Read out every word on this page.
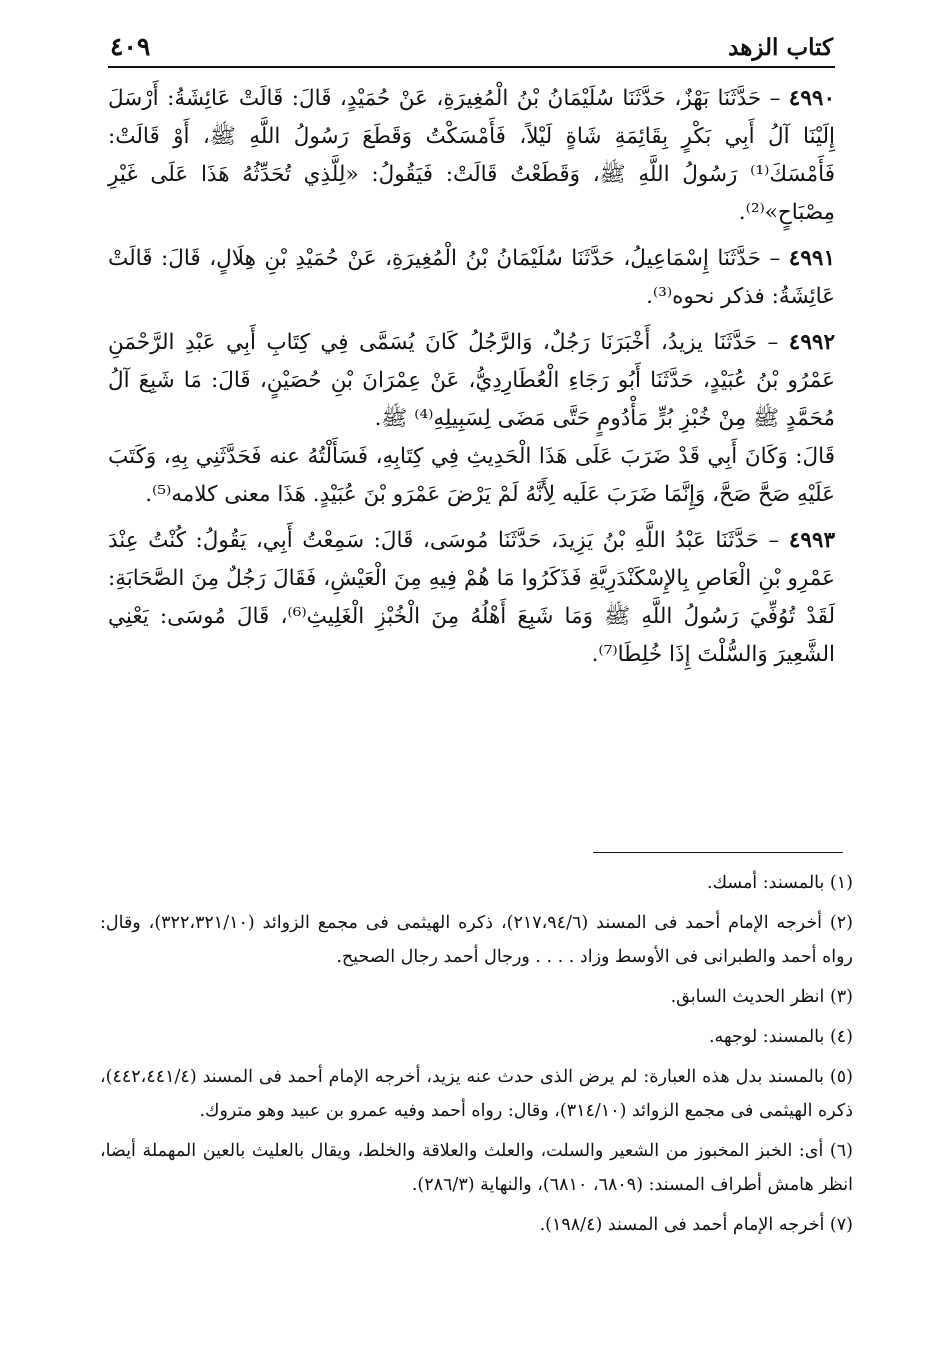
كتاب الزهد
٤٠٩

٤٩٩٠ – حَدَّثَنَا بَهْزٌ، حَدَّثَنَا سُلَيْمَانُ بْنُ الْمُغِيرَةِ، عَنْ حُمَيْدٍ، قَالَ: قَالَتْ عَائِشَةُ: أَرْسَلَ إِلَيْنَا آلُ أَبِي بَكْرٍ بِقَائِمَةِ شَاةٍ لَيْلاً، فَأَمْسَكْتُ وَقَطَعَ رَسُولُ اللَّهِ ﷺ، أَوْ قَالَتْ: فَأَمْسَكَ⁽¹⁾ رَسُولُ اللَّهِ ﷺ، وَقَطَعْتُ قَالَتْ: فَيَقُولُ: «لِلَّذِي تُحَدِّثُهُ هَذَا عَلَى غَيْرِ مِصْبَاحٍ»⁽²⁾.

٤٩٩١ – حَدَّثَنَا إِسْمَاعِيلُ، حَدَّثَنَا سُلَيْمَانُ بْنُ الْمُغِيرَةِ، عَنْ حُمَيْدِ بْنِ هِلَالٍ، قَالَ: قَالَتْ عَائِشَةُ: فذكر نحوه⁽³⁾.

٤٩٩٢ – حَدَّثَنَا يزيدُ، أَخْبَرَنَا رَجُلٌ، وَالرَّجُلُ كَانَ يُسَمَّى فِي كِتَابِ أَبِي عَبْدِ الرَّحْمَنِ عَمْرُو بْنُ عُبَيْدٍ، حَدَّثَنَا أَبُو رَجَاءِ الْعُطَارِدِيُّ، عَنْ عِمْرَانَ بْنِ حُصَيْنٍ، قَالَ: مَا شَبِعَ آلُ مُحَمَّدٍ ﷺ مِنْ خُبْزِ بُرٍّ مَأْدُومٍ حَتَّى مَضَى لِسَبِيلِهِ⁽⁴⁾ ﷺ.
قَالَ: وَكَانَ أَبِي قَدْ ضَرَبَ عَلَى هَذَا الْحَدِيثِ فِي كِتَابِهِ، فَسَأَلْتُهُ عنه فَحَدَّثَنِي بِهِ، وَكَتَبَ عَلَيْهِ صَحَّ صَحَّ، وَإِنَّمَا ضَرَبَ عَلَيه لِأَنَّهُ لَمْ يَرْضَ عَمْرَو بْنَ عُبَيْدٍ. هَذَا معنى كلامه⁽⁵⁾.

٤٩٩٣ – حَدَّثَنَا عَبْدُ اللَّهِ بْنُ يَزِيدَ، حَدَّثَنَا مُوسَى، قَالَ: سَمِعْتُ أَبِي، يَقُولُ: كُنْتُ عِنْدَ عَمْرِو بْنِ الْعَاصِ بِالإِسْكَنْدَرِيَّةِ فَذَكَرُوا مَا هُمْ فِيهِ مِنَ الْعَيْشِ، فَقَالَ رَجُلٌ مِنَ الصَّحَابَةِ: لَقَدْ تُوُفِّيَ رَسُولُ اللَّهِ ﷺ وَمَا شَبِعَ أَهْلُهُ مِنَ الْخُبْزِ الْغَلِيثِ⁽⁶⁾، قَالَ مُوسَى: يَعْنِي الشَّعِيرَ وَالسُّلْتَ إِذَا خُلِطَا⁽⁷⁾.

(١) بالمسند: أمسك.

(٢) أخرجه الإمام أحمد فى المسند (٢١٧،٩٤/٦)، ذكره الهيثمى فى مجمع الزوائد (٣٢٢،٣٢١/١٠)، وقال: رواه أحمد والطبرانى فى الأوسط وزاد . . . . ورجال أحمد رجال الصحيح.

(٣) انظر الحديث السابق.

(٤) بالمسند: لوجهه.

(٥) بالمسند بدل هذه العبارة: لم يرض الذى حدث عنه يزيد، أخرجه الإمام أحمد فى المسند (٤٤٢،٤٤١/٤)، ذكره الهيثمى فى مجمع الزوائد (٣١٤/١٠)، وقال: رواه أحمد وفيه عمرو بن عبيد وهو متروك.

(٦) أى: الخبز المخبوز من الشعير والسلت، والعلث والعلاقة والخلط، ويقال بالعليث بالعين المهملة أيضا، انظر هامش أطراف المسند: (٦٨٠٩، ٦٨١٠)، والنهاية (٢٨٦/٣).

(٧) أخرجه الإمام أحمد فى المسند (١٩٨/٤).
